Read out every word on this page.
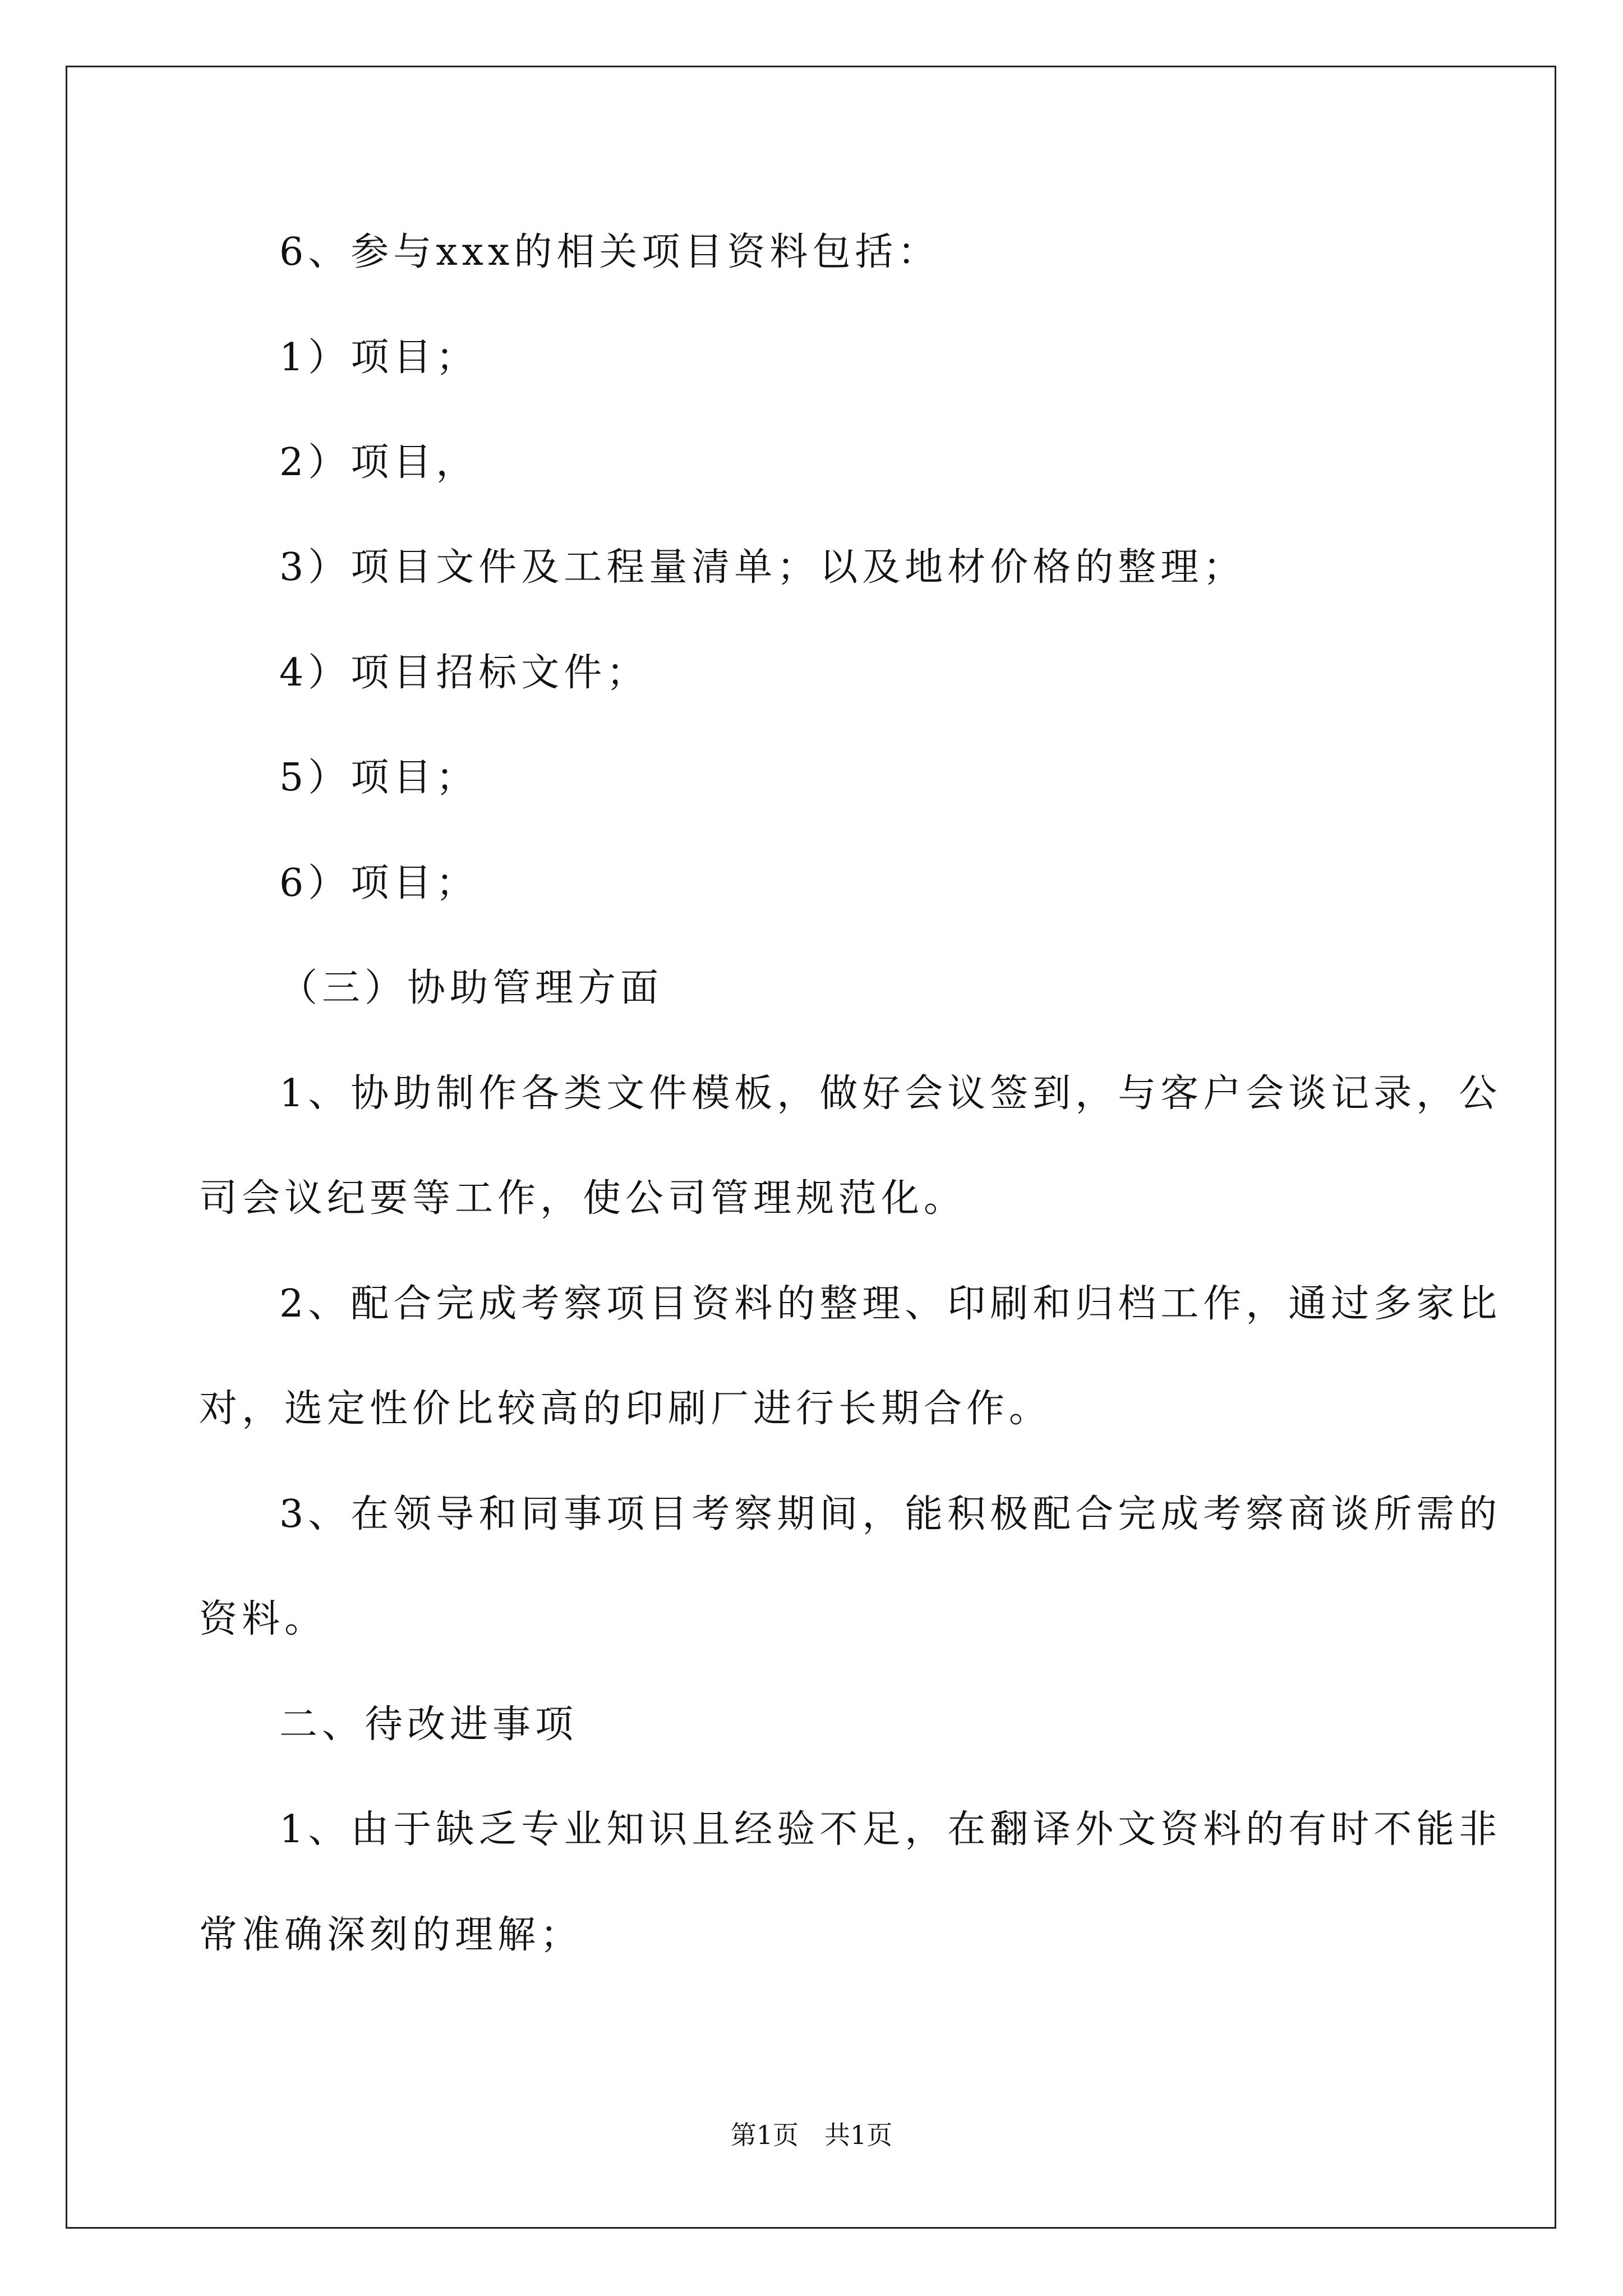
6、参与xxx的相关项目资料包括：
1）项目；
2）项目，
3）项目文件及工程量清单；以及地材价格的整理；
4）项目招标文件；
5）项目；
6）项目；
（三）协助管理方面
1、协助制作各类文件模板，做好会议签到，与客户会谈记录，公
司会议纪要等工作，使公司管理规范化。
2、配合完成考察项目资料的整理、印刷和归档工作，通过多家比
对，选定性价比较高的印刷厂进行长期合作。
3、在领导和同事项目考察期间，能积极配合完成考察商谈所需的
资料。
二、待改进事项
1、由于缺乏专业知识且经验不足，在翻译外文资料的有时不能非
常准确深刻的理解；
第1页 共1页
